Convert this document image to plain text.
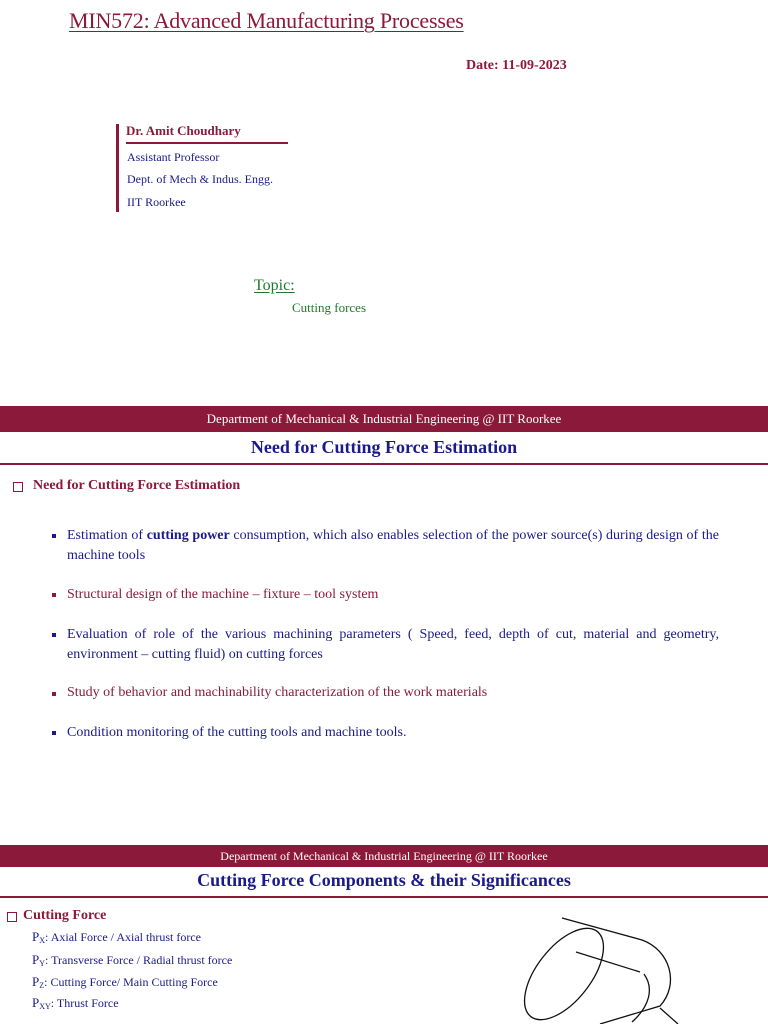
MIN572: Advanced Manufacturing Processes
Date: 11-09-2023
Dr. Amit Choudhary
Assistant Professor
Dept. of Mech & Indus. Engg.
IIT Roorkee
Topic:
Cutting forces
Department of Mechanical & Industrial Engineering @ IIT Roorkee
Need for Cutting Force Estimation
Need for Cutting Force Estimation
Estimation of cutting power consumption, which also enables selection of the power source(s) during design of the machine tools
Structural design of the machine – fixture – tool system
Evaluation of role of the various machining parameters ( Speed, feed, depth of cut, material and geometry, environment – cutting fluid) on cutting forces
Study of behavior and machinability characterization of the work materials
Condition monitoring of the cutting tools and machine tools.
Department of Mechanical & Industrial Engineering @ IIT Roorkee
Cutting Force Components & their Significances
Cutting Force
$P_X$: Axial Force / Axial thrust force
$P_Y$: Transverse Force / Radial thrust force
$P_Z$: Cutting Force/ Main Cutting Force
$P_{XY}$: Thrust Force
